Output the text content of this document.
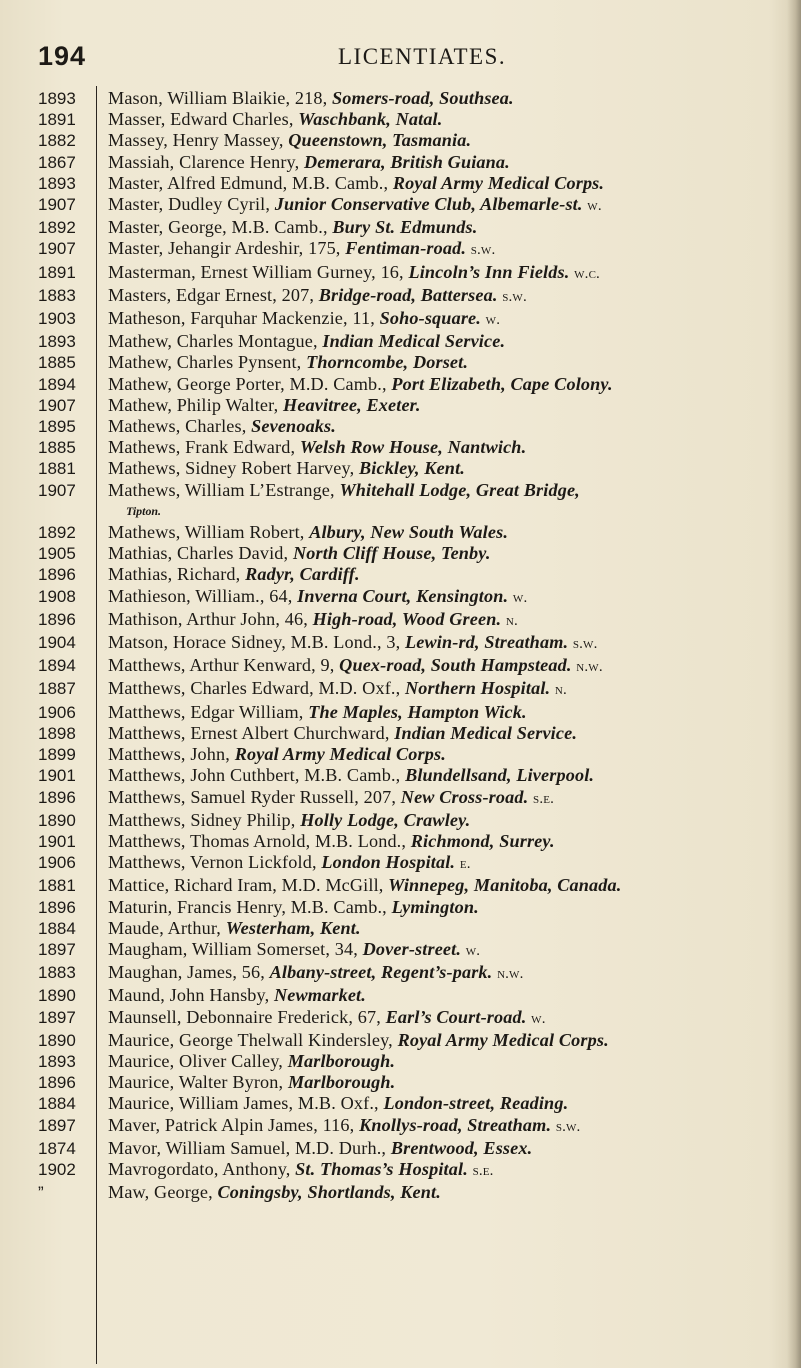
194	LICENTIATES.
1893	Mason, William Blaikie, 218, Somers-road, Southsea.
1891	Masser, Edward Charles, Waschbank, Natal.
1882	Massey, Henry Massey, Queenstown, Tasmania.
1867	Massiah, Clarence Henry, Demerara, British Guiana.
1893	Master, Alfred Edmund, M.B. Camb., Royal Army Medical Corps.
1907	Master, Dudley Cyril, Junior Conservative Club, Albemarle-st. w.
1892	Master, George, M.B. Camb., Bury St. Edmunds.
1907	Master, Jehangir Ardeshir, 175, Fentiman-road. s.w.
1891	Masterman, Ernest William Gurney, 16, Lincoln’s Inn Fields. w.c.
1883	Masters, Edgar Ernest, 207, Bridge-road, Battersea. s.w.
1903	Matheson, Farquhar Mackenzie, 11, Soho-square. w.
1893	Mathew, Charles Montague, Indian Medical Service.
1885	Mathew, Charles Pynsent, Thorncombe, Dorset.
1894	Mathew, George Porter, M.D. Camb., Port Elizabeth, Cape Colony.
1907	Mathew, Philip Walter, Heavitree, Exeter.
1895	Mathews, Charles, Sevenoaks.
1885	Mathews, Frank Edward, Welsh Row House, Nantwich.
1881	Mathews, Sidney Robert Harvey, Bickley, Kent.
1907	Mathews, William L’Estrange, Whitehall Lodge, Great Bridge,
Tipton.
1892	Mathews, William Robert, Albury, New South Wales.
1905	Mathias, Charles David, North Cliff House, Tenby.
1896	Mathias, Richard, Radyr, Cardiff.
1908	Mathieson, William., 64, Inverna Court, Kensington. w.
1896	Mathison, Arthur John, 46, High-road, Wood Green. n.
1904	Matson, Horace Sidney, M.B. Lond., 3, Lewin-rd, Streatham. s.w.
1894	Matthews, Arthur Kenward, 9, Quex-road, South Hampstead. n.w.
1887	Matthews, Charles Edward, M.D. Oxf., Northern Hospital. n.
1906	Matthews, Edgar William, The Maples, Hampton Wick.
1898	Matthews, Ernest Albert Churchward, Indian Medical Service.
1899	Matthews, John, Royal Army Medical Corps.
1901	Matthews, John Cuthbert, M.B. Camb., Blundellsand, Liverpool.
1896	Matthews, Samuel Ryder Russell, 207, New Cross-road. s.e.
1890	Matthews, Sidney Philip, Holly Lodge, Crawley.
1901	Matthews, Thomas Arnold, M.B. Lond., Richmond, Surrey.
1906	Matthews, Vernon Lickfold, London Hospital. e.
1881	Mattice, Richard Iram, M.D. McGill, Winnepeg, Manitoba, Canada.
1896	Maturin, Francis Henry, M.B. Camb., Lymington.
1884	Maude, Arthur, Westerham, Kent.
1897	Maugham, William Somerset, 34, Dover-street. w.
1883	Maughan, James, 56, Albany-street, Regent’s-park. n.w.
1890	Maund, John Hansby, Newmarket.
1897	Maunsell, Debonnaire Frederick, 67, Earl’s Court-road. w.
1890	Maurice, George Thelwall Kindersley, Royal Army Medical Corps.
1893	Maurice, Oliver Calley, Marlborough.
1896	Maurice, Walter Byron, Marlborough.
1884	Maurice, William James, M.B. Oxf., London-street, Reading.
1897	Maver, Patrick Alpin James, 116, Knollys-road, Streatham. s.w.
1874	Mavor, William Samuel, M.D. Durh., Brentwood, Essex.
1902	Mavrogordato, Anthony, St. Thomas’s Hospital. s.e.
”	Maw, George, Coningsby, Shortlands, Kent.
